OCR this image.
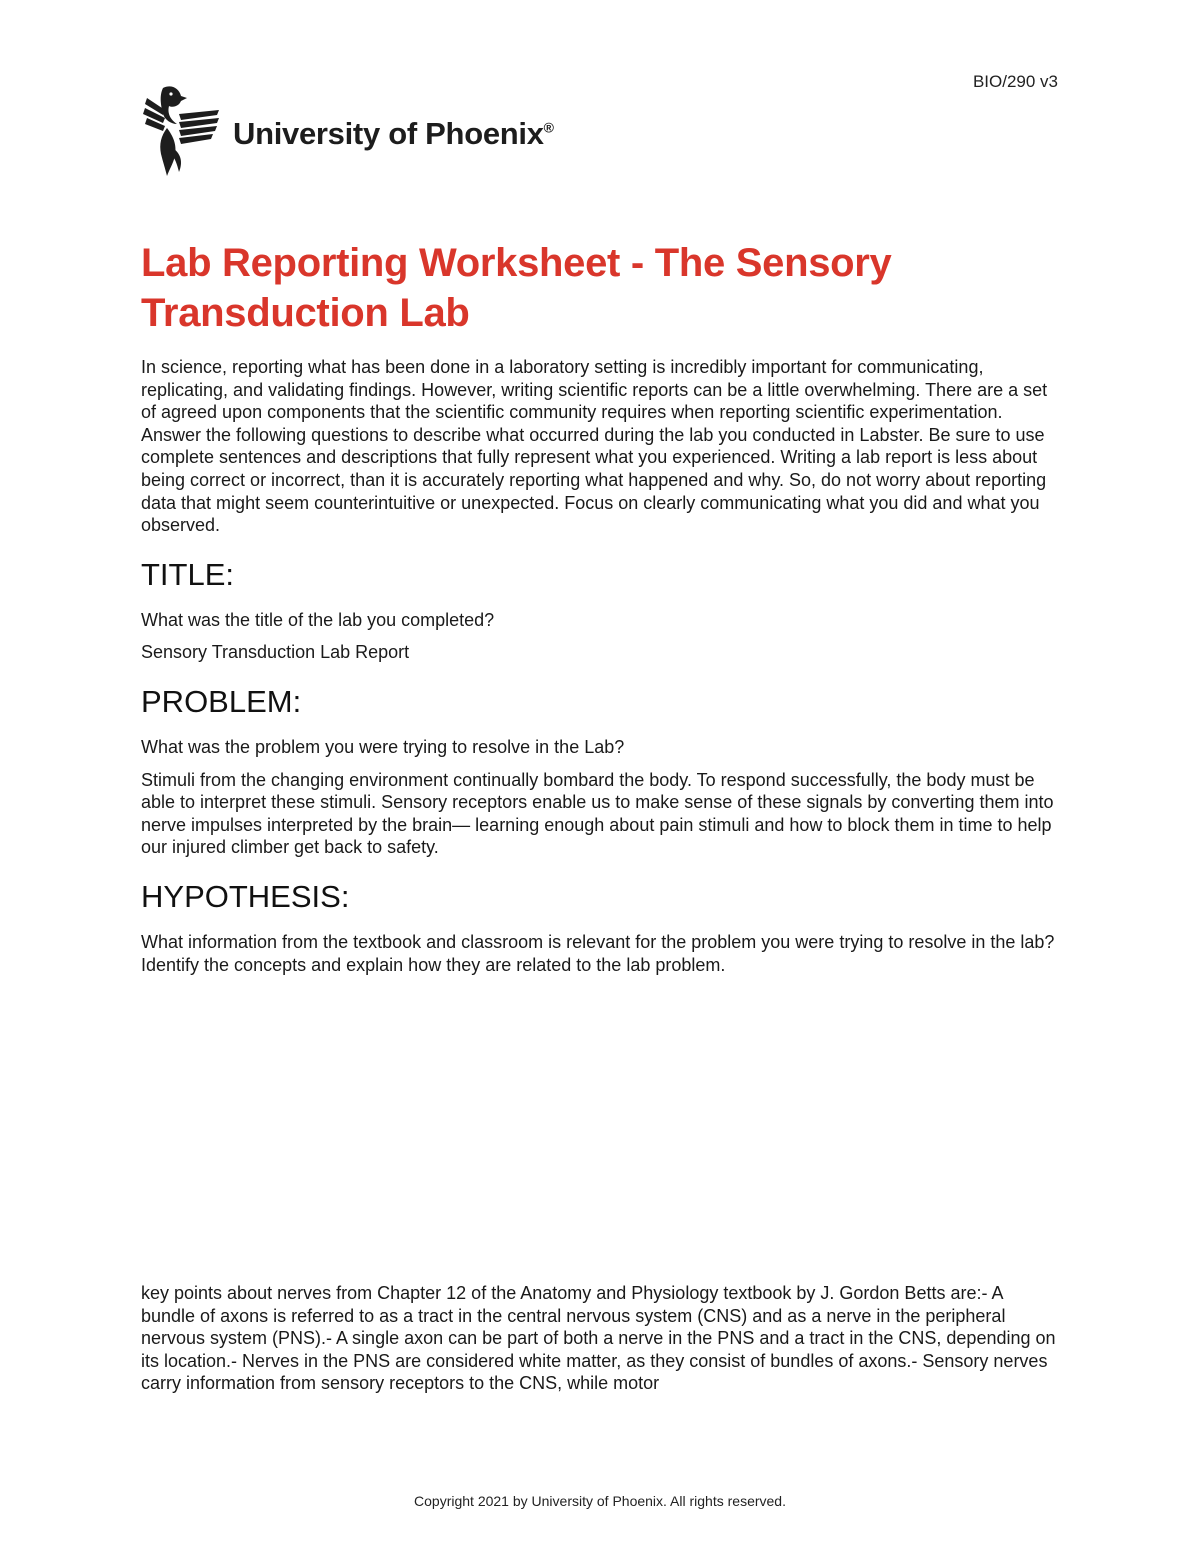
BIO/290 v3
University of Phoenix®
Lab Reporting Worksheet - The Sensory Transduction Lab

In science, reporting what has been done in a laboratory setting is incredibly important for communicating, replicating, and validating findings. However, writing scientific reports can be a little overwhelming. There are a set of agreed upon components that the scientific community requires when reporting scientific experimentation. Answer the following questions to describe what occurred during the lab you conducted in Labster. Be sure to use complete sentences and descriptions that fully represent what you experienced. Writing a lab report is less about being correct or incorrect, than it is accurately reporting what happened and why. So, do not worry about reporting data that might seem counterintuitive or unexpected. Focus on clearly communicating what you did and what you observed.

TITLE:

What was the title of the lab you completed?

Sensory Transduction Lab Report

PROBLEM:

What was the problem you were trying to resolve in the Lab?

Stimuli from the changing environment continually bombard the body. To respond successfully, the body must be able to interpret these stimuli. Sensory receptors enable us to make sense of these signals by converting them into nerve impulses interpreted by the brain— learning enough about pain stimuli and how to block them in time to help our injured climber get back to safety.

HYPOTHESIS:

What information from the textbook and classroom is relevant for the problem you were trying to resolve in the lab? Identify the concepts and explain how they are related to the lab problem.

key points about nerves from Chapter 12 of the Anatomy and Physiology textbook by J. Gordon Betts are:- A bundle of axons is referred to as a tract in the central nervous system (CNS) and as a nerve in the peripheral nervous system (PNS).- A single axon can be part of both a nerve in the PNS and a tract in the CNS, depending on its location.- Nerves in the PNS are considered white matter, as they consist of bundles of axons.- Sensory nerves carry information from sensory receptors to the CNS, while motor

Copyright 2021 by University of Phoenix. All rights reserved.
